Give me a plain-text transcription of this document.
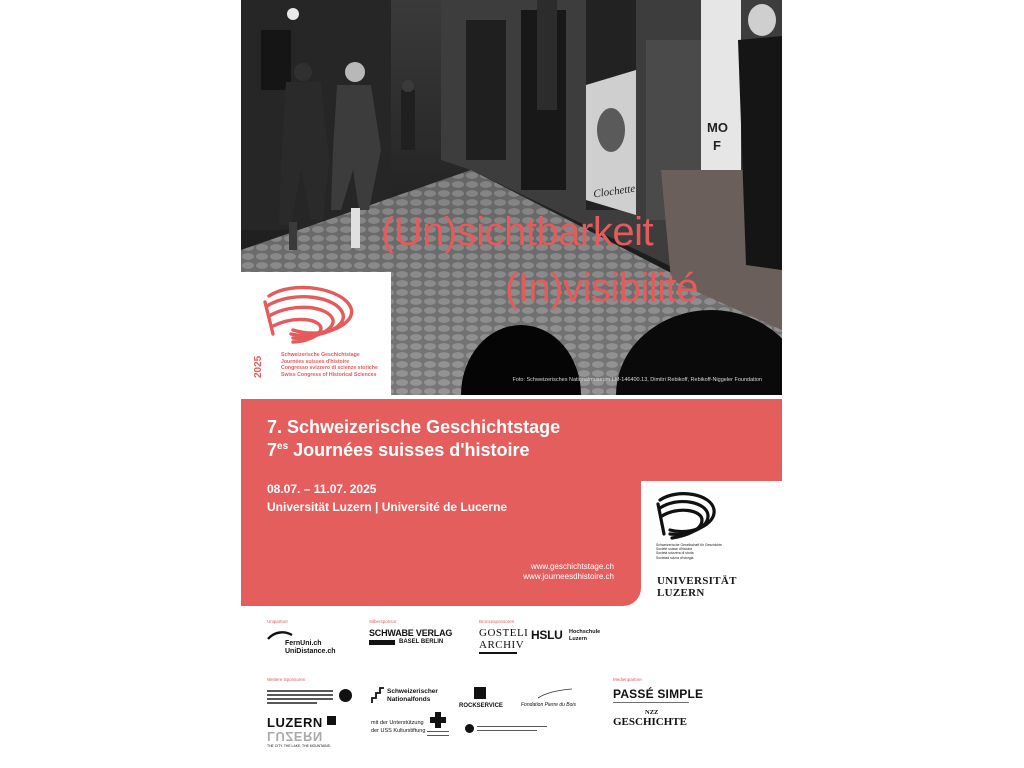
Clochette
MO
F
(Un)sichtbarkeit
(In)visibilité
Foto: Schweizerisches Nationalmuseum LM-146400.13, Dimitri Rebikoff, Rebikoff-Niggeler Foundation
2025
Schweizerische Geschichtstage
Journées suisses d'histoire
Congresso svizzero di scienze storiche
Swiss Congress of Historical Sciences
7. Schweizerische Geschichtstage
$7^{es}$ Journées suisses d'histoire
08.07. – 11.07. 2025
Universität Luzern | Université de Lucerne
www.geschichtstage.ch
www.journeesdhistoire.ch
Schweizerische Gesellschaft für Geschichte
Société suisse d'histoire
Società svizzera di storia
Societad svizra d'istorgia
UNIVERSITÄT
LUZERN
Unipartner	Silbersponsor	Bronzesponsoren
Weitere Sponsoren	Medienpartner
FernUni.ch
UniDistance.ch
SCHWABE VERLAG
BASEL BERLIN
GOSTELI
ARCHIV
HSLU Hochschule
Luzern
Schweizerischer
Nationalfonds
ROCKSERVICE	Fondation Pierre du Bois
LUZERN
LUZERN
THE CITY. THE LAKE. THE MOUNTAINS.
mit der Unterstützung
der USS Kulturstiftung
PASSÉ SIMPLE
NZZ
GESCHICHTE
